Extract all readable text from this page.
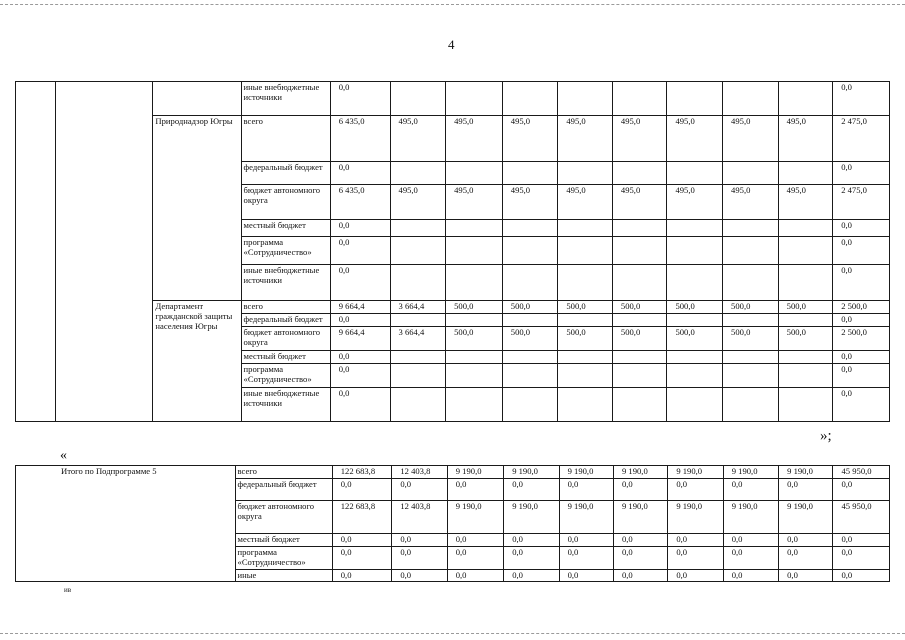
4
			иные внебюджетные источники	0,0									0,0
		Природнадзор Югры	всего	6 435,0	495,0	495,0	495,0	495,0	495,0	495,0	495,0	495,0	2 475,0
			федеральный бюджет	0,0									0,0
			бюджет автономного округа	6 435,0	495,0	495,0	495,0	495,0	495,0	495,0	495,0	495,0	2 475,0
			местный бюджет	0,0									0,0
			программа «Сотрудничество»	0,0									0,0
			иные внебюджетные источники	0,0									0,0
		Департамент гражданской защиты населения Югры	всего	9 664,4	3 664,4	500,0	500,0	500,0	500,0	500,0	500,0	500,0	2 500,0
			федеральный бюджет	0,0									0,0
			бюджет автономного округа	9 664,4	3 664,4	500,0	500,0	500,0	500,0	500,0	500,0	500,0	2 500,0
			местный бюджет	0,0									0,0
			программа «Сотрудничество»	0,0									0,0
			иные внебюджетные источники	0,0									0,0
»;
«
Итого по Подпрограмме 5	всего	122 683,8	12 403,8	9 190,0	9 190,0	9 190,0	9 190,0	9 190,0	9 190,0	9 190,0	45 950,0
	федеральный бюджет	0,0	0,0	0,0	0,0	0,0	0,0	0,0	0,0	0,0	0,0
	бюджет автономного округа	122 683,8	12 403,8	9 190,0	9 190,0	9 190,0	9 190,0	9 190,0	9 190,0	9 190,0	45 950,0
	местный бюджет	0,0	0,0	0,0	0,0	0,0	0,0	0,0	0,0	0,0	0,0
	программа «Сотрудничество»	0,0	0,0	0,0	0,0	0,0	0,0	0,0	0,0	0,0	0,0
	иные	0,0	0,0	0,0	0,0	0,0	0,0	0,0	0,0	0,0	0,0
ив
